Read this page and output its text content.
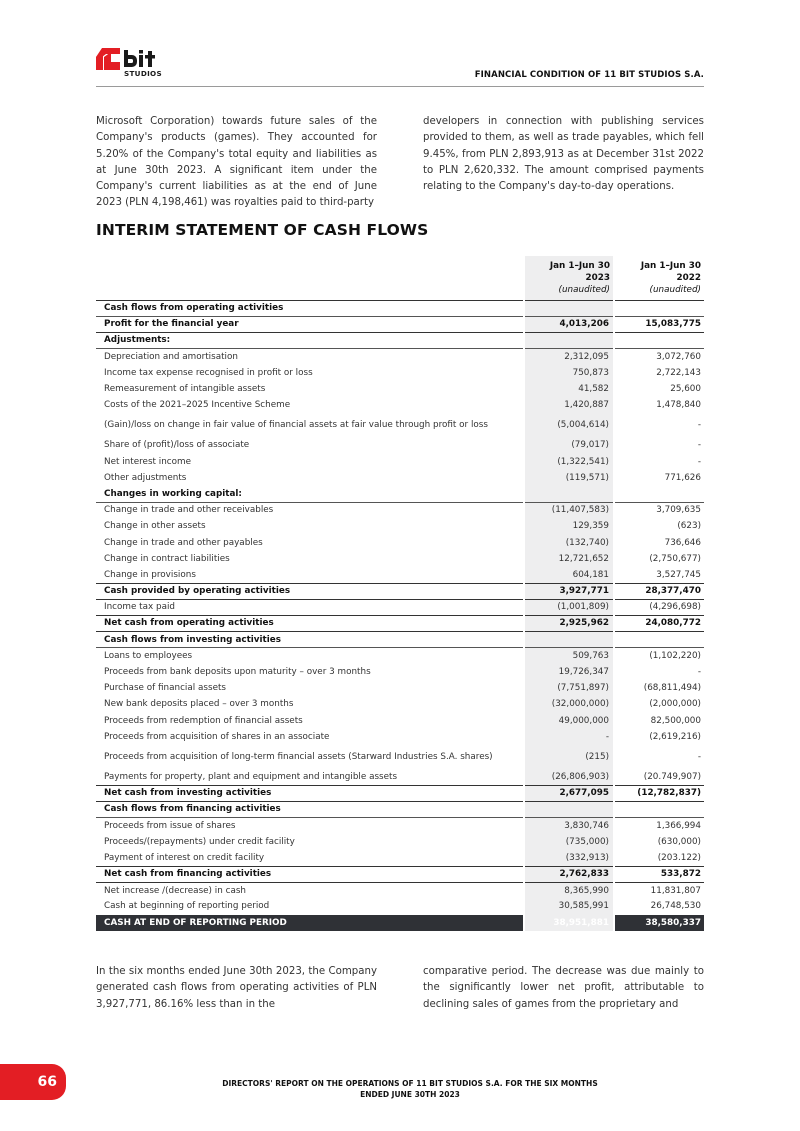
STUDIOS	FINANCIAL CONDITION OF 11 BIT STUDIOS S.A.

Microsoft Corporation) towards future sales of the Company's products (games). They accounted for 5.20% of the Company's total equity and liabilities as at June 30th 2023. A significant item under the Company's current liabilities as at the end of June 2023 (PLN 4,198,461) was royalties paid to third-party

developers in connection with publishing services provided to them, as well as trade payables, which fell 9.45%, from PLN 2,893,913 as at December 31st 2022 to PLN 2,620,332. The amount comprised payments relating to the Company's day-to-day operations.

INTERIM STATEMENT OF CASH FLOWS
	Jan 1–Jun 30
2023
(unaudited)	Jan 1–Jun 30
2022
(unaudited)
Cash flows from operating activities		
Profit for the financial year	4,013,206	15,083,775
Adjustments:		
Depreciation and amortisation	2,312,095	3,072,760
Income tax expense recognised in profit or loss	750,873	2,722,143
Remeasurement of intangible assets	41,582	25,600
Costs of the 2021–2025 Incentive Scheme	1,420,887	1,478,840
(Gain)/loss on change in fair value of financial assets at fair value through profit or loss	(5,004,614)	-
Share of (profit)/loss of associate	(79,017)	-
Net interest income	(1,322,541)	-
Other adjustments	(119,571)	771,626
Changes in working capital:		
Change in trade and other receivables	(11,407,583)	3,709,635
Change in other assets	129,359	(623)
Change in trade and other payables	(132,740)	736,646
Change in contract liabilities	12,721,652	(2,750,677)
Change in provisions	604,181	3,527,745
Cash provided by operating activities	3,927,771	28,377,470
Income tax paid	(1,001,809)	(4,296,698)
Net cash from operating activities	2,925,962	24,080,772
Cash flows from investing activities		
Loans to employees	509,763	(1,102,220)
Proceeds from bank deposits upon maturity – over 3 months	19,726,347	-
Purchase of financial assets	(7,751,897)	(68,811,494)
New bank deposits placed – over 3 months	(32,000,000)	(2,000,000)
Proceeds from redemption of financial assets	49,000,000	82,500,000
Proceeds from acquisition of shares in an associate	-	(2,619,216)
Proceeds from acquisition of long-term financial assets (Starward Industries S.A. shares)	(215)	-
Payments for property, plant and equipment and intangible assets	(26,806,903)	(20.749,907)
Net cash from investing activities	2,677,095	(12,782,837)
Cash flows from financing activities		
Proceeds from issue of shares	3,830,746	1,366,994
Proceeds/(repayments) under credit facility	(735,000)	(630,000)
Payment of interest on credit facility	(332,913)	(203.122)
Net cash from financing activities	2,762,833	533,872
Net increase /(decrease) in cash	8,365,990	11,831,807
Cash at beginning of reporting period	30,585,991	26,748,530
CASH AT END OF REPORTING PERIOD	38,951,881	38,580,337

In the six months ended June 30th 2023, the Company generated cash flows from operating activities of PLN 3,927,771, 86.16% less than in the

comparative period. The decrease was due mainly to the significantly lower net profit, attributable to declining sales of games from the proprietary and

66	DIRECTORS' REPORT ON THE OPERATIONS OF 11 BIT STUDIOS S.A. FOR THE SIX MONTHS ENDED JUNE 30TH 2023
